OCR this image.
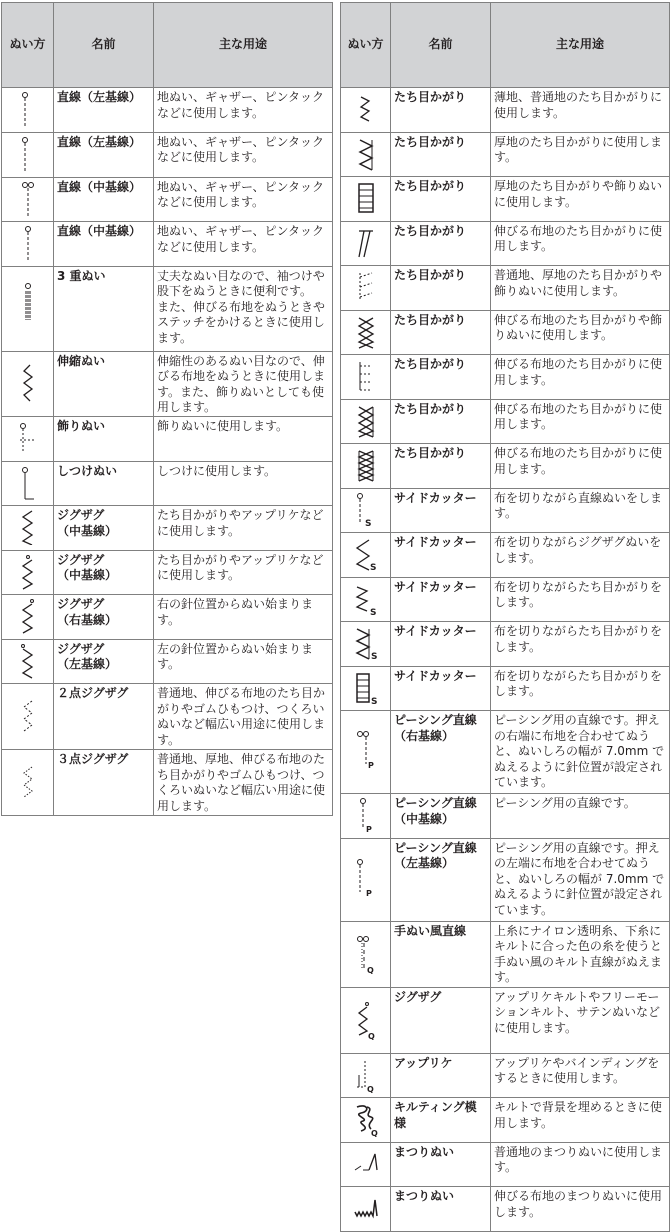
ぬい方	名前	主な用途
	直線（左基線）	地ぬい、ギャザー、ピンタックなどに使用します。
	直線（左基線）	地ぬい、ギャザー、ピンタックなどに使用します。
	直線（中基線）	地ぬい、ギャザー、ピンタックなどに使用します。
	直線（中基線）	地ぬい、ギャザー、ピンタックなどに使用します。
	3 重ぬい	丈夫なぬい目なので、袖つけや股下をぬうときに便利です。
また、伸びる布地をぬうときやステッチをかけるときに使用します。
	伸縮ぬい	伸縮性のあるぬい目なので、伸びる布地をぬうときに使用します。また、飾りぬいとしても使用します。
	飾りぬい	飾りぬいに使用します。
	しつけぬい	しつけに使用します。
	ジグザグ
（中基線）	たち目かがりやアップリケなどに使用します。
	ジグザグ
（中基線）	たち目かがりやアップリケなどに使用します。
	ジグザグ
（右基線）	右の針位置からぬい始まります。
	ジグザグ
（左基線）	左の針位置からぬい始まります。
	２点ジグザグ	普通地、伸びる布地のたち目かがりやゴムひもつけ、つくろいぬいなど幅広い用途に使用します。
	３点ジグザグ	普通地、厚地、伸びる布地のたち目かがりやゴムひもつけ、つくろいぬいなど幅広い用途に使用します。
ぬい方	名前	主な用途
	たち目かがり	薄地、普通地のたち目かがりに使用します。
	たち目かがり	厚地のたち目かがりに使用します。
	たち目かがり	厚地のたち目かがりや飾りぬいに使用します。
	たち目かがり	伸びる布地のたち目かがりに使用します。
	たち目かがり	普通地、厚地のたち目かがりや飾りぬいに使用します。
	たち目かがり	伸びる布地のたち目かがりや飾りぬいに使用します。
	たち目かがり	伸びる布地のたち目かがりに使用します。
	たち目かがり	伸びる布地のたち目かがりに使用します。
	たち目かがり	伸びる布地のたち目かがりに使用します。

S	サイドカッター	布を切りながら直線ぬいをします。

S	サイドカッター	布を切りながらジグザグぬいをします。

S	サイドカッター	布を切りながらたち目かがりをします。

S	サイドカッター	布を切りながらたち目かがりをします。

S	サイドカッター	布を切りながらたち目かがりをします。

P	ピーシング直線
（右基線）	ピーシング用の直線です。押えの右端に布地を合わせてぬうと、ぬいしろの幅が 7.0mm でぬえるように針位置が設定されています。

P	ピーシング直線
（中基線）	ピーシング用の直線です。

P	ピーシング直線
（左基線）	ピーシング用の直線です。押えの左端に布地を合わせてぬうと、ぬいしろの幅が 7.0mm でぬえるように針位置が設定されています。

Q	手ぬい風直線	上糸にナイロン透明糸、下糸にキルトに合った色の糸を使うと手ぬい風のキルト直線がぬえます。

Q	ジグザグ	アップリケキルトやフリーモーションキルト、サテンぬいなどに使用します。

Q	アップリケ	アップリケやバインディングをするときに使用します。

Q	キルティング模様	キルトで背景を埋めるときに使用します。
	まつりぬい	普通地のまつりぬいに使用します。
	まつりぬい	伸びる布地のまつりぬいに使用します。
